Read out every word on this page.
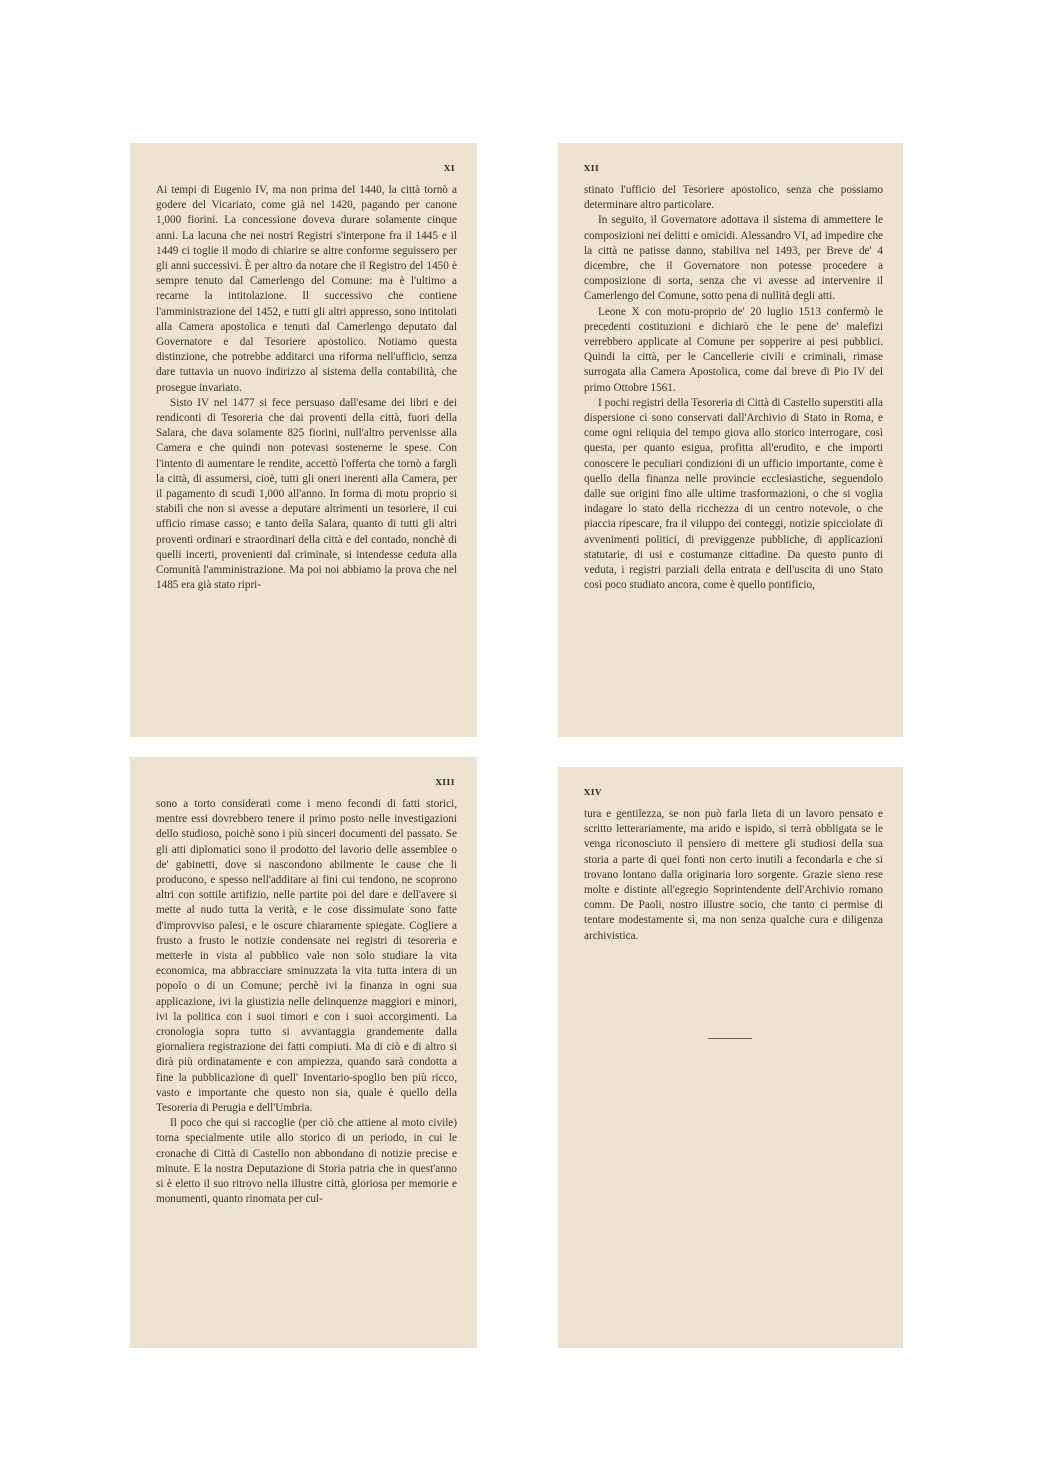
XI

Ai tempi di Eugenio IV, ma non prima del 1440, la città tornò a godere del Vicariato, come già nel 1420, pagando per canone 1,000 fiorini. La concessione doveva durare solamente cinque anni. La lacuna che nei nostri Registri s'interpone fra il 1445 e il 1449 ci toglie il modo di chiarire se altre conforme seguissero per gli anni successivi. È per altro da notare che il Registro del 1450 è sempre tenuto dal Camerlengo del Comune: ma è l'ultimo a recarne la intitolazione. Il successivo che contiene l'amministrazione del 1452, e tutti gli altri appresso, sono intitolati alla Camera apostolica e tenuti dal Camerlengo deputato dal Governatore e dal Tesoriere apostolico. Notiamo questa distinzione, che potrebbe additarci una riforma nell'ufficio, senza dare tuttavia un nuovo indirizzo al sistema della contabilità, che prosegue invariato.

Sisto IV nel 1477 si fece persuaso dall'esame dei libri e dei rendiconti di Tesoreria che dai proventi della città, fuori della Salara, che dava solamente 825 fiorini, null'altro pervenisse alla Camera e che quindi non potevasi sostenerne le spese. Con l'intento di aumentare le rendite, accettò l'offerta che tornò a fargli la città, di assumersi, cioè, tutti gli oneri inerenti alla Camera, per il pagamento di scudi 1,000 all'anno. In forma di motu proprio si stabilì che non si avesse a deputare altrimenti un tesoriere, il cui ufficio rimase casso; e tanto della Salara, quanto di tutti gli altri proventi ordinari e straordinari della città e del contado, nonchè di quelli incerti, provenienti dal criminale, si intendesse ceduta alla Comunità l'amministrazione. Ma poi noi abbiamo la prova che nel 1485 era già stato ripri-

XII

stinato l'ufficio del Tesoriere apostolico, senza che possiamo determinare altro particolare.

In seguito, il Governatore adottava il sistema di ammettere le composizioni nei delitti e omicidi. Alessandro VI, ad impedire che la città ne patisse danno, stabiliva nel 1493, per Breve de' 4 dicembre, che il Governatore non potesse procedere a composizione di sorta, senza che vi avesse ad intervenire il Camerlengo del Comune, sotto pena di nullità degli atti.

Leone X con motu-proprio de' 20 luglio 1513 confermò le precedenti costituzioni e dichiarò che le pene de' malefizi verrebbero applicate al Comune per sopperire ai pesi pubblici. Quindi la città, per le Cancellerie civili e criminali, rimase surrogata alla Camera Apostolica, come dal breve di Pio IV del primo Ottobre 1561.

I pochi registri della Tesoreria di Città di Castello superstiti alla dispersione ci sono conservati dall'Archivio di Stato in Roma, e come ogni reliquia del tempo giova allo storico interrogare, così questa, per quanto esigua, profitta all'erudito, e che importi conoscere le peculiari condizioni di un ufficio importante, come è quello della finanza nelle provincie ecclesiastiche, seguendolo dalle sue origini fino alle ultime trasformazioni, o che si voglia indagare lo stato della ricchezza di un centro notevole, o che piaccia ripescare, fra il viluppo dei conteggi, notizie spicciolate di avvenimenti politici, di previggenze pubbliche, di applicazioni statutarie, di usi e costumanze cittadine. Da questo punto di veduta, i registri parziali della entrata e dell'uscita di uno Stato così poco studiato ancora, come è quello pontificio,

XIII

sono a torto considerati come i meno fecondi di fatti storici, mentre essi dovrebbero tenere il primo posto nelle investigazioni dello studioso, poichè sono i più sinceri documenti del passato. Se gli atti diplomatici sono il prodotto del lavorio delle assemblee o de' gabinetti, dove si nascondono abilmente le cause che li producono, e spesso nell'additare ai fini cui tendono, ne scoprono altri con sottile artifizio, nelle partite poi del dare e dell'avere si mette al nudo tutta la verità, e le cose dissimulate sono fatte d'improvviso palesi, e le oscure chiaramente spiegate. Cogliere a frusto a frusto le notizie condensate nei registri di tesoreria e metterle in vista al pubblico vale non solo studiare la vita economica, ma abbracciare sminuzzata la vita tutta intera di un popolo o di un Comune; perchè ivi la finanza in ogni sua applicazione, ivi la giustizia nelle delinquenze maggiori e minori, ivi la politica con i suoi timori e con i suoi accorgimenti. La cronologia sopra tutto si avvantaggia grandemente dalla giornaliera registrazione dei fatti compiuti. Ma di ciò e di altro si dirà più ordinatamente e con ampiezza, quando sarà condotta a fine la pubblicazione di quell' Inventario-spoglio ben più ricco, vasto e importante che questo non sia, quale è quello della Tesoreria di Perugia e dell'Umbria.

Il poco che qui si raccoglie (per ciò che attiene al moto civile) torna specialmente utile allo storico di un periodo, in cui le cronache di Città di Castello non abbondano di notizie precise e minute. E la nostra Deputazione di Storia patria che in quest'anno si è eletto il suo ritrovo nella illustre città, gloriosa per memorie e monumenti, quanto rinomata per cul-

XIV

tura e gentilezza, se non può farla lieta di un lavoro pensato e scritto letterariamente, ma arido e ispido, si terrà obbligata se le venga riconosciuto il pensiero di mettere gli studiosi della sua storia a parte di quei fonti non certo inutili a fecondarla e che si trovano lontano dalla originaria loro sorgente. Grazie sieno rese molte e distinte all'egregio Soprintendente dell'Archivio romano comm. De Paoli, nostro illustre socio, che tanto ci permise di tentare modestamente sì, ma non senza qualche cura e diligenza archivistica.
